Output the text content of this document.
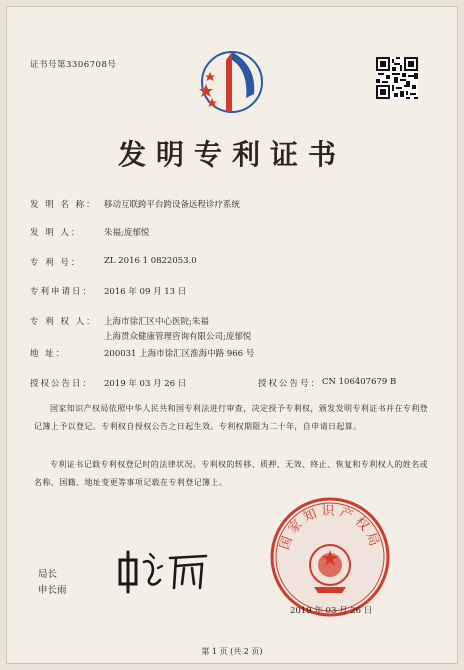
证书号第3306708号
发明专利证书
发 明 名 称： 移动互联跨平台跨设备远程诊疗系统
发 明 人：	朱福;庞郁悦
专 利 号：	ZL 2016 1 0822053.0
专利申请日： 2016 年 09 月 13 日
专 利 权 人： 上海市徐汇区中心医院;朱福
上海贯众健康管理咨询有限公司;庞郁悦
地 址：	200031 上海市徐汇区淮海中路 966 号
授权公告日： 2019 年 03 月 26 日	授权公告号： CN 106407679 B
国家知识产权局依照中华人民共和国专利法进行审查，决定授予专利权，颁发发明专利证书并在专利登记簿上予以登记。专利权自授权公告之日起生效。专利权期限为二十年，自申请日起算。
专利证书记载专利权登记时的法律状况。专利权的转移、质押、无效、终止、恢复和专利权人的姓名或名称、国籍、地址变更等事项记载在专利登记簿上。
局长
申长雨
国家知识产权局
2019 年 03 月 26 日
第 1 页 (共 2 页)
